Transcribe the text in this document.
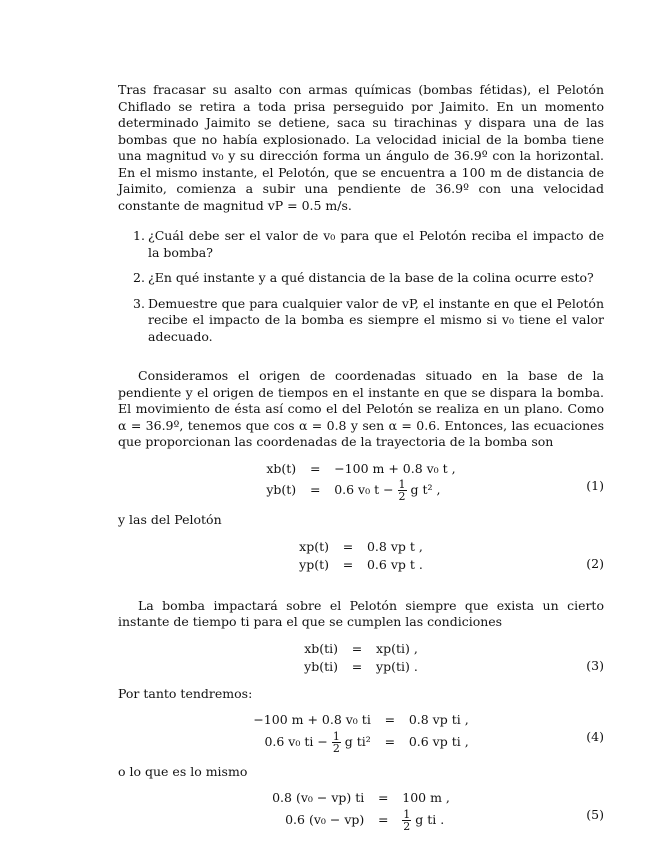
Tras fracasar su asalto con armas químicas (bombas fétidas), el Pelotón Chiflado se retira a toda prisa perseguido por Jaimito. En un momento determinado Jaimito se detiene, saca su tirachinas y dispara una de las bombas que no había explosionado. La velocidad inicial de la bomba tiene una magnitud v₀ y su dirección forma un ángulo de 36.9º con la horizontal. En el mismo instante, el Pelotón, que se encuentra a 100 m de distancia de Jaimito, comienza a subir una pendiente de 36.9º con una velocidad constante de magnitud vP = 0.5 m/s.

1. ¿Cuál debe ser el valor de v₀ para que el Pelotón reciba el impacto de la bomba?
2. ¿En qué instante y a qué distancia de la base de la colina ocurre esto?
3. Demuestre que para cualquier valor de vP, el instante en que el Pelotón recibe el impacto de la bomba es siempre el mismo si v₀ tiene el valor adecuado.

Consideramos el origen de coordenadas situado en la base de la pendiente y el origen de tiempos en el instante en que se dispara la bomba. El movimiento de ésta así como el del Pelotón se realiza en un plano. Como α = 36.9º, tenemos que cos α = 0.8 y sen α = 0.6. Entonces, las ecuaciones que proporcionan las coordenadas de la trayectoria de la bomba son

xb(t)	=	−100 m + 0.8 v₀ t ,
yb(t)	=	0.6 v₀ $t - \frac{1}{2}$ g t² ,	(1)

y las del Pelotón

xp(t)	=	0.8 vp t ,
yp(t)	=	0.6 vp t .	(2)

La bomba impactará sobre el Pelotón siempre que exista un cierto instante de tiempo ti para el que se cumplen las condiciones

xb(ti)	=	xp(ti) ,
yb(ti)	=	yp(ti) .	(3)

Por tanto tendremos:

−100 m + 0.8 v₀ ti	=	0.8 vp ti ,
0.6 v₀ ti − $\frac{1}{2}$ g ti²	=	0.6 vp ti ,	(4)

o lo que es lo mismo

0.8 (v₀ − vp) ti	=	100 m ,
0.6 (v₀ − vp)	=	$\frac{1}{2}$ g ti .	(5)
